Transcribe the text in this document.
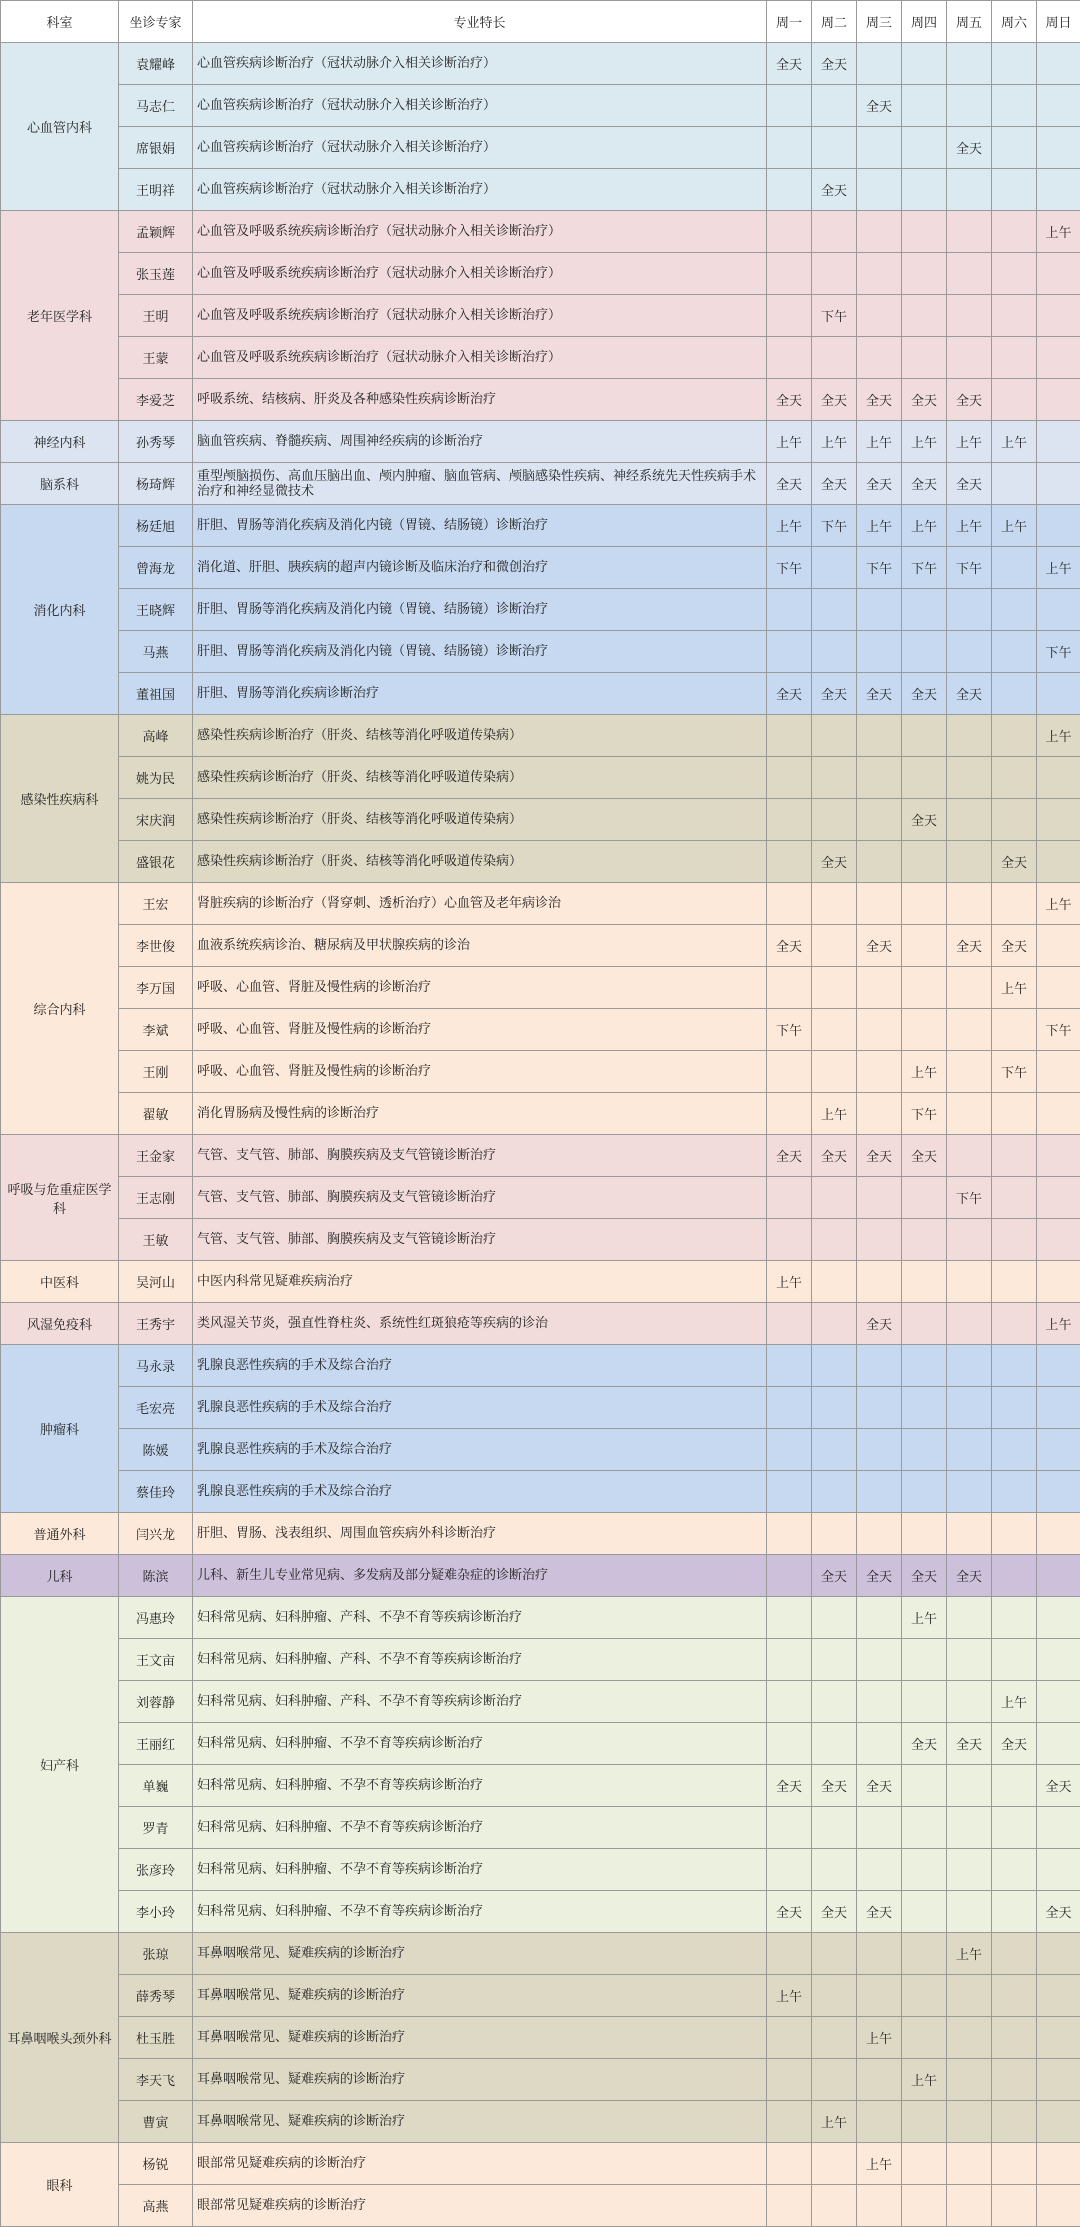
科室	坐诊专家	专业特长	周一	周二	周三	周四	周五	周六	周日
心血管内科	袁耀峰	心血管疾病诊断治疗（冠状动脉介入相关诊断治疗）	全天	全天					
	马志仁	心血管疾病诊断治疗（冠状动脉介入相关诊断治疗）			全天				
	席银娟	心血管疾病诊断治疗（冠状动脉介入相关诊断治疗）					全天		
	王明祥	心血管疾病诊断治疗（冠状动脉介入相关诊断治疗）		全天					
老年医学科	孟颖辉	心血管及呼吸系统疾病诊断治疗（冠状动脉介入相关诊断治疗）							上午
	张玉莲	心血管及呼吸系统疾病诊断治疗（冠状动脉介入相关诊断治疗）							
	王明	心血管及呼吸系统疾病诊断治疗（冠状动脉介入相关诊断治疗）		下午					
	王蒙	心血管及呼吸系统疾病诊断治疗（冠状动脉介入相关诊断治疗）							
	李爱芝	呼吸系统、结核病、肝炎及各种感染性疾病诊断治疗	全天	全天	全天	全天	全天		
神经内科	孙秀琴	脑血管疾病、脊髓疾病、周围神经疾病的诊断治疗	上午	上午	上午	上午	上午	上午	
脑系科	杨琦辉	重型颅脑损伤、高血压脑出血、颅内肿瘤、脑血管病、颅脑感染性疾病、神经系统先天性疾病手术治疗和神经显微技术	全天	全天	全天	全天	全天		
消化内科	杨廷旭	肝胆、胃肠等消化疾病及消化内镜（胃镜、结肠镜）诊断治疗	上午	下午	上午	上午	上午	上午	
	曾海龙	消化道、肝胆、胰疾病的超声内镜诊断及临床治疗和微创治疗	下午		下午	下午	下午		上午
	王晓辉	肝胆、胃肠等消化疾病及消化内镜（胃镜、结肠镜）诊断治疗							
	马燕	肝胆、胃肠等消化疾病及消化内镜（胃镜、结肠镜）诊断治疗							下午
	董祖国	肝胆、胃肠等消化疾病诊断治疗	全天	全天	全天	全天	全天		
感染性疾病科	高峰	感染性疾病诊断治疗（肝炎、结核等消化呼吸道传染病）							上午
	姚为民	感染性疾病诊断治疗（肝炎、结核等消化呼吸道传染病）							
	宋庆润	感染性疾病诊断治疗（肝炎、结核等消化呼吸道传染病）				全天			
	盛银花	感染性疾病诊断治疗（肝炎、结核等消化呼吸道传染病）		全天				全天	
综合内科	王宏	肾脏疾病的诊断治疗（肾穿刺、透析治疗）心血管及老年病诊治							上午
	李世俊	血液系统疾病诊治、糖尿病及甲状腺疾病的诊治	全天		全天		全天	全天	
	李万国	呼吸、心血管、肾脏及慢性病的诊断治疗						上午	
	李斌	呼吸、心血管、肾脏及慢性病的诊断治疗	下午						下午
	王刚	呼吸、心血管、肾脏及慢性病的诊断治疗				上午		下午	
	翟敏	消化胃肠病及慢性病的诊断治疗		上午		下午			
呼吸与危重症医学科	王金家	气管、支气管、肺部、胸膜疾病及支气管镜诊断治疗	全天	全天	全天	全天			
	王志刚	气管、支气管、肺部、胸膜疾病及支气管镜诊断治疗					下午		
	王敏	气管、支气管、肺部、胸膜疾病及支气管镜诊断治疗							
中医科	吴河山	中医内科常见疑难疾病治疗	上午						
风湿免疫科	王秀宇	类风湿关节炎，强直性脊柱炎、系统性红斑狼疮等疾病的诊治			全天				上午
肿瘤科	马永录	乳腺良恶性疾病的手术及综合治疗							
	毛宏亮	乳腺良恶性疾病的手术及综合治疗							
	陈媛	乳腺良恶性疾病的手术及综合治疗							
	蔡佳玲	乳腺良恶性疾病的手术及综合治疗							
普通外科	闫兴龙	肝胆、胃肠、浅表组织、周围血管疾病外科诊断治疗							
儿科	陈滨	儿科、新生儿专业常见病、多发病及部分疑难杂症的诊断治疗		全天	全天	全天	全天		
妇产科	冯惠玲	妇科常见病、妇科肿瘤、产科、不孕不育等疾病诊断治疗				上午			
	王文亩	妇科常见病、妇科肿瘤、产科、不孕不育等疾病诊断治疗							
	刘蓉静	妇科常见病、妇科肿瘤、产科、不孕不育等疾病诊断治疗						上午	
	王丽红	妇科常见病、妇科肿瘤、不孕不育等疾病诊断治疗				全天	全天	全天	
	单巍	妇科常见病、妇科肿瘤、不孕不育等疾病诊断治疗	全天	全天	全天				全天
	罗青	妇科常见病、妇科肿瘤、不孕不育等疾病诊断治疗							
	张彦玲	妇科常见病、妇科肿瘤、不孕不育等疾病诊断治疗							
	李小玲	妇科常见病、妇科肿瘤、不孕不育等疾病诊断治疗	全天	全天	全天				全天
耳鼻咽喉头颈外科	张琼	耳鼻咽喉常见、疑难疾病的诊断治疗					上午		
	薛秀琴	耳鼻咽喉常见、疑难疾病的诊断治疗	上午						
	杜玉胜	耳鼻咽喉常见、疑难疾病的诊断治疗			上午				
	李天飞	耳鼻咽喉常见、疑难疾病的诊断治疗				上午			
	曹寅	耳鼻咽喉常见、疑难疾病的诊断治疗		上午					
眼科	杨锐	眼部常见疑难疾病的诊断治疗			上午				
	高燕	眼部常见疑难疾病的诊断治疗							
